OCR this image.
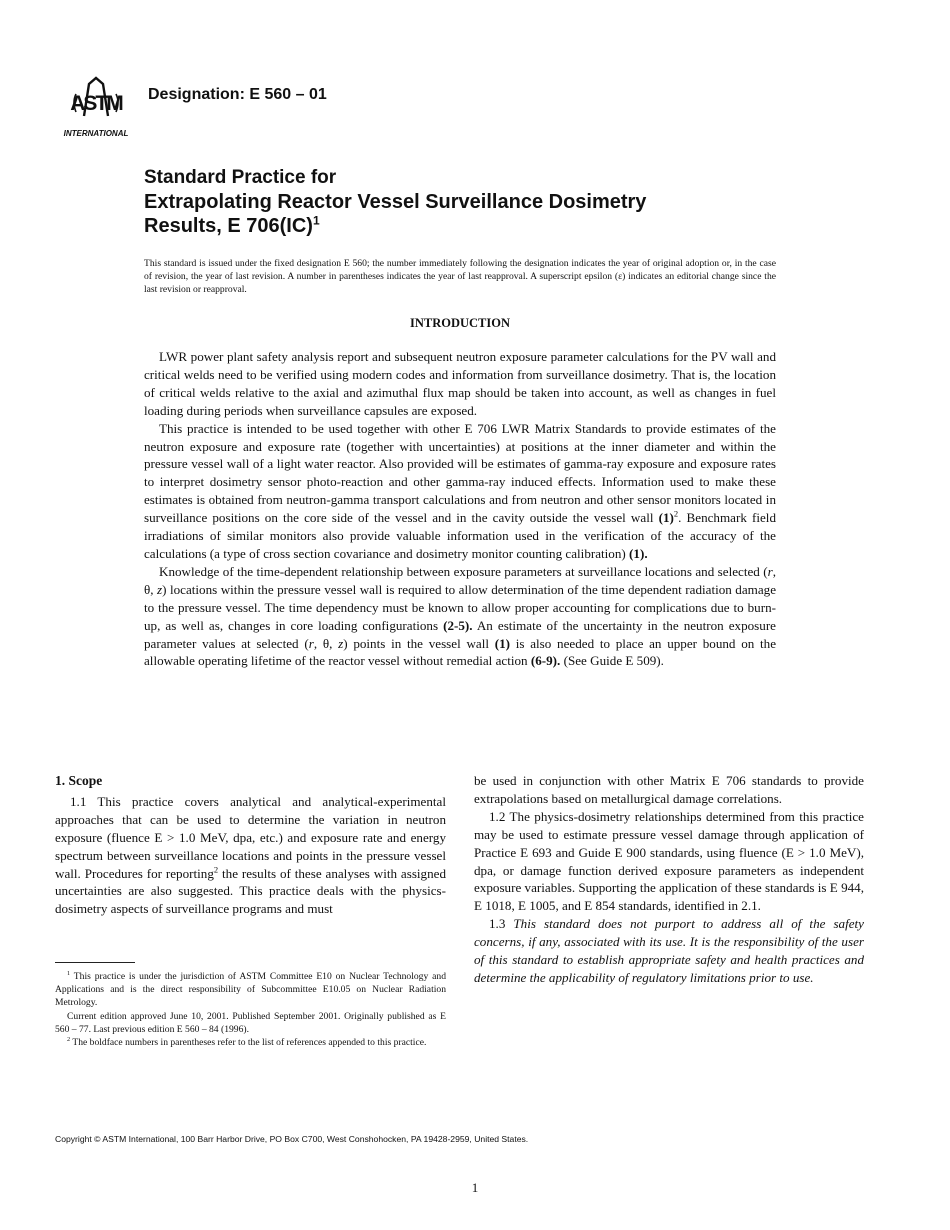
ASTM
INTERNATIONAL
Designation: E 560 – 01
Standard Practice for
Extrapolating Reactor Vessel Surveillance Dosimetry
Results, E 706(IC)$^1$
This standard is issued under the fixed designation E 560; the number immediately following the designation indicates the year of original adoption or, in the case of revision, the year of last revision. A number in parentheses indicates the year of last reapproval. A superscript epsilon (ε) indicates an editorial change since the last revision or reapproval.
INTRODUCTION

LWR power plant safety analysis report and subsequent neutron exposure parameter calculations for the PV wall and critical welds need to be verified using modern codes and information from surveillance dosimetry. That is, the location of critical welds relative to the axial and azimuthal flux map should be taken into account, as well as changes in fuel loading during periods when surveillance capsules are exposed.

This practice is intended to be used together with other E 706 LWR Matrix Standards to provide estimates of the neutron exposure and exposure rate (together with uncertainties) at positions at the inner diameter and within the pressure vessel wall of a light water reactor. Also provided will be estimates of gamma-ray exposure and exposure rates to interpret dosimetry sensor photo-reaction and other gamma-ray induced effects. Information used to make these estimates is obtained from neutron-gamma transport calculations and from neutron and other sensor monitors located in surveillance positions on the core side of the vessel and in the cavity outside the vessel wall $(1)^2$. Benchmark field irradiations of similar monitors also provide valuable information used in the verification of the accuracy of the calculations (a type of cross section covariance and dosimetry monitor counting calibration) (1).

Knowledge of the time-dependent relationship between exposure parameters at surveillance locations and selected (r, θ, z) locations within the pressure vessel wall is required to allow determination of the time dependent radiation damage to the pressure vessel. The time dependency must be known to allow proper accounting for complications due to burn-up, as well as, changes in core loading configurations (2-5). An estimate of the uncertainty in the neutron exposure parameter values at selected (r, θ, z) points in the vessel wall (1) is also needed to place an upper bound on the allowable operating lifetime of the reactor vessel without remedial action (6-9). (See Guide E 509).

1. Scope

1.1 This practice covers analytical and analytical-experimental approaches that can be used to determine the variation in neutron exposure (fluence E > 1.0 MeV, dpa, etc.) and exposure rate and energy spectrum between surveillance locations and points in the pressure vessel wall. Procedures for reporting$^2$ the results of these analyses with assigned uncertainties are also suggested. This practice deals with the physics-dosimetry aspects of surveillance programs and must

be used in conjunction with other Matrix E 706 standards to provide extrapolations based on metallurgical damage correlations.

1.2 The physics-dosimetry relationships determined from this practice may be used to estimate pressure vessel damage through application of Practice E 693 and Guide E 900 standards, using fluence (E > 1.0 MeV), dpa, or damage function derived exposure parameters as independent exposure variables. Supporting the application of these standards is E 944, E 1018, E 1005, and E 854 standards, identified in 2.1.

1.3 This standard does not purport to address all of the safety concerns, if any, associated with its use. It is the responsibility of the user of this standard to establish appropriate safety and health practices and determine the applicability of regulatory limitations prior to use.

$^1$ This practice is under the jurisdiction of ASTM Committee E10 on Nuclear Technology and Applications and is the direct responsibility of Subcommittee E10.05 on Nuclear Radiation Metrology.

Current edition approved June 10, 2001. Published September 2001. Originally published as E 560 – 77. Last previous edition E 560 – 84 (1996).

$^2$ The boldface numbers in parentheses refer to the list of references appended to this practice.

Copyright © ASTM International, 100 Barr Harbor Drive, PO Box C700, West Conshohocken, PA 19428-2959, United States.
1
